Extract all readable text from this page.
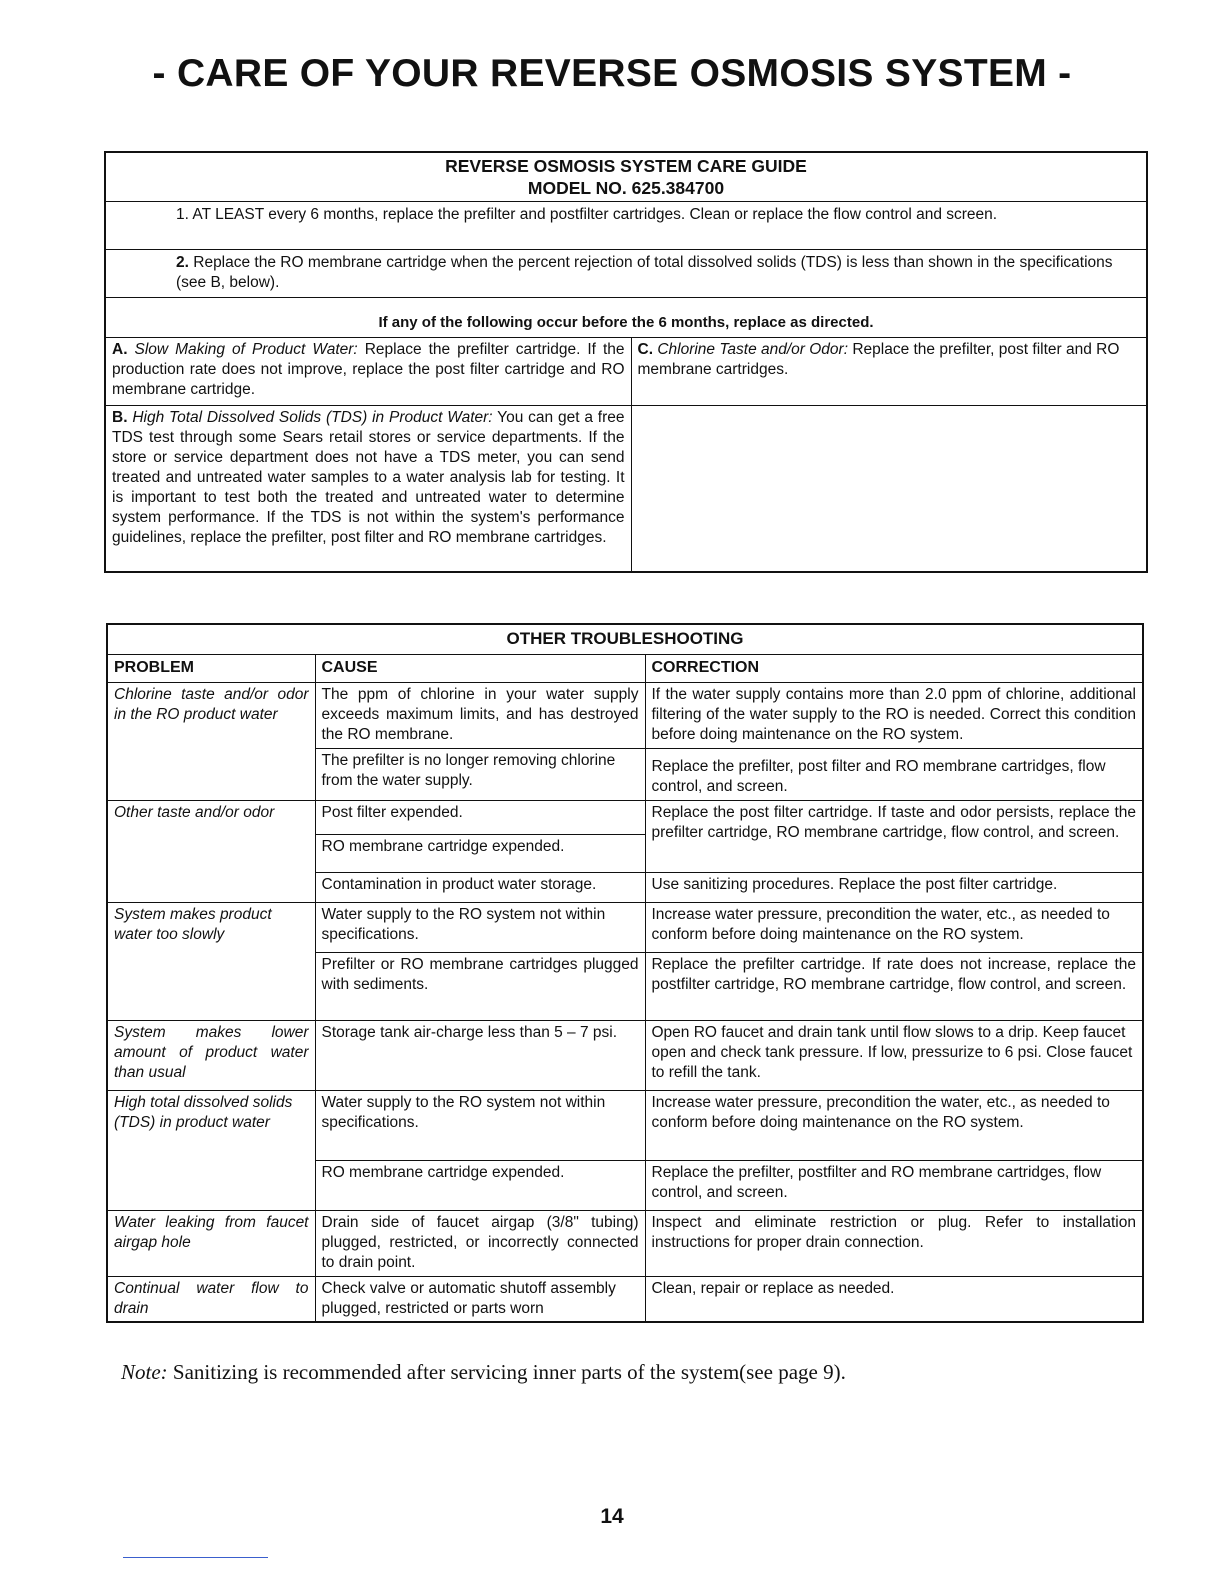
- CARE OF YOUR REVERSE OSMOSIS SYSTEM -
REVERSE OSMOSIS SYSTEM CARE GUIDE
MODEL NO. 625.384700	

1. AT LEAST every 6 months, replace the prefilter and postfilter cartridges. Clean or replace the flow control and screen.	
2. Replace the RO membrane cartridge when the percent rejection of total dissolved solids (TDS) is less than shown in the specifications (see B, below).	
If any of the following occur before the 6 months, replace as directed.	
A. Slow Making of Product Water: Replace the prefilter cartridge. If the production rate does not improve, replace the post filter cartridge and RO membrane cartridge.	C. Chlorine Taste and/or Odor: Replace the prefilter, post filter and RO membrane cartridges.
B. High Total Dissolved Solids (TDS) in Product Water: You can get a free TDS test through some Sears retail stores or service departments. If the store or service department does not have a TDS meter, you can send treated and untreated water samples to a water analysis lab for testing. It is important to test both the treated and untreated water to determine system performance. If the TDS is not within the system's performance guidelines, replace the prefilter, post filter and RO membrane cartridges.	
OTHER TROUBLESHOOTING		
PROBLEM	CAUSE	CORRECTION
Chlorine taste and/or odor in the RO product water	The ppm of chlorine in your water supply exceeds maximum limits, and has destroyed the RO membrane.	If the water supply contains more than 2.0 ppm of chlorine, additional filtering of the water supply to the RO is needed. Correct this condition before doing maintenance on the RO system.
	The prefilter is no longer removing chlorine from the water supply.	Replace the prefilter, post filter and RO membrane cartridges, flow control, and screen.
Other taste and/or odor	Post filter expended.	Replace the post filter cartridge. If taste and odor persists, replace the prefilter cartridge, RO membrane cartridge, flow control, and screen.
	RO membrane cartridge expended.	
	Contamination in product water storage.	Use sanitizing procedures. Replace the post filter cartridge.
System makes product water too slowly	Water supply to the RO system not within specifications.	Increase water pressure, precondition the water, etc., as needed to conform before doing maintenance on the RO system.
	Prefilter or RO membrane cartridges plugged with sediments.	Replace the prefilter cartridge. If rate does not increase, replace the postfilter cartridge, RO membrane cartridge, flow control, and screen.
System makes lower amount of product water than usual	Storage tank air-charge less than 5 – 7 psi.	Open RO faucet and drain tank until flow slows to a drip. Keep faucet open and check tank pressure. If low, pressurize to 6 psi. Close faucet to refill the tank.
High total dissolved solids (TDS) in product water	Water supply to the RO system not within specifications.	Increase water pressure, precondition the water, etc., as needed to conform before doing maintenance on the RO system.
	RO membrane cartridge expended.	Replace the prefilter, postfilter and RO membrane cartridges, flow control, and screen.
Water leaking from faucet airgap hole	Drain side of faucet airgap (3/8" tubing) plugged, restricted, or incorrectly connected to drain point.	Inspect and eliminate restriction or plug. Refer to installation instructions for proper drain connection.
Continual water flow to drain	Check valve or automatic shutoff assembly plugged, restricted or parts worn	Clean, repair or replace as needed.
Note: Sanitizing is recommended after servicing inner parts of the system(see page 9).
14
